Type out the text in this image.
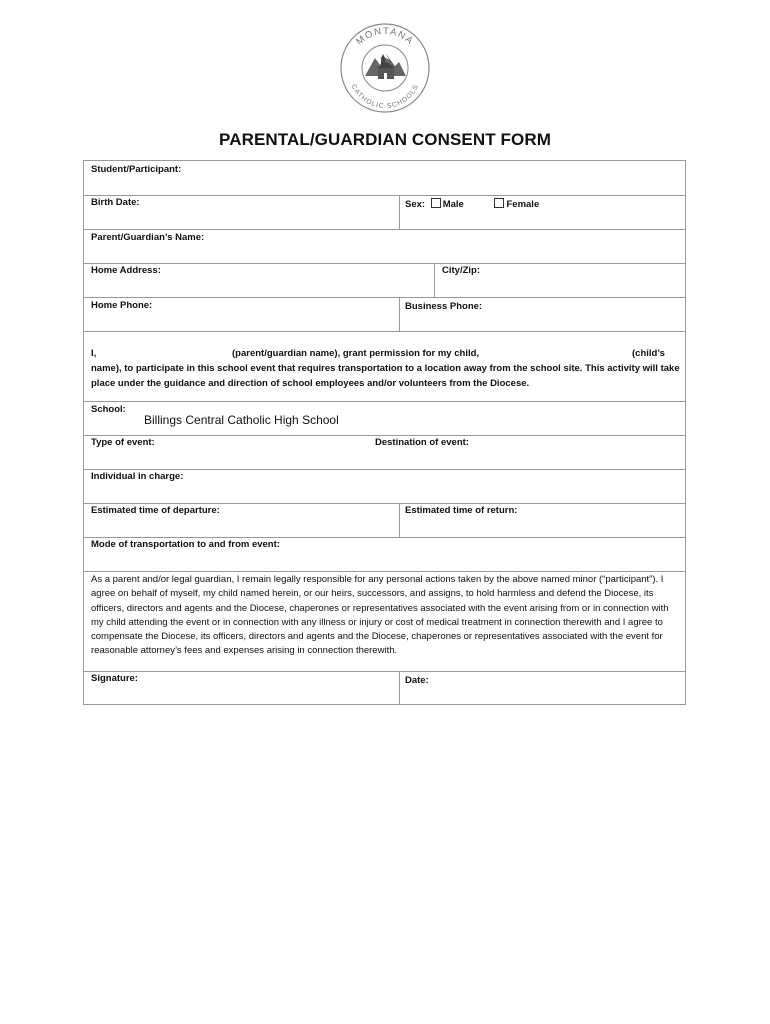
MONTANA
CATHOLIC SCHOOLS
PARENTAL/GUARDIAN CONSENT FORM
Student/Participant:
Birth Date:	Sex: Male	Female
Parent/Guardian’s Name:
Home Address:	City/Zip:
Home Phone:	Business Phone:
I,	(parent/guardian name), grant permission for my child,	(child’s
name), to participate in this school event that requires transportation to a location away from the school site. This activity will take place under the guidance and direction of school employees and/or volunteers from the Diocese.
School:
Billings Central Catholic High School
Type of event:	Destination of event:
Individual in charge:
Estimated time of departure:	Estimated time of return:
Mode of transportation to and from event:
As a parent and/or legal guardian, I remain legally responsible for any personal actions taken by the above named minor (“participant”). I agree on behalf of myself, my child named herein, or our heirs, successors, and assigns, to hold harmless and defend the Diocese, its officers, directors and agents and the Diocese, chaperones or representatives associated with the event arising from or in connection with my child attending the event or in connection with any illness or injury or cost of medical treatment in connection therewith and I agree to compensate the Diocese, its officers, directors and agents and the Diocese, chaperones or representatives associated with the event for reasonable attorney’s fees and expenses arising in connection therewith.
Signature:	Date:
